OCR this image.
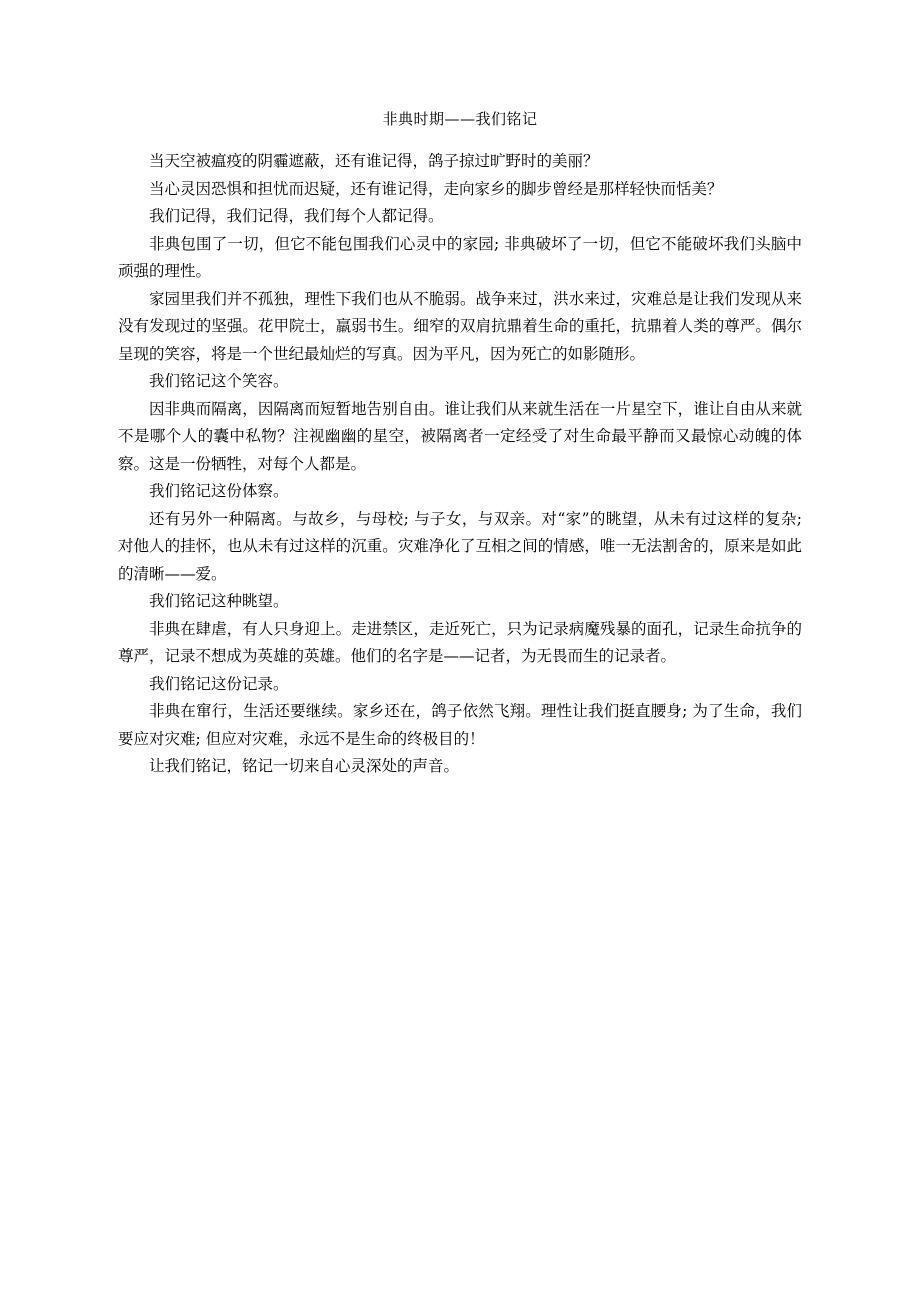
非典时期——我们铭记

当天空被瘟疫的阴霾遮蔽，还有谁记得，鸽子掠过旷野时的美丽？

当心灵因恐惧和担忧而迟疑，还有谁记得，走向家乡的脚步曾经是那样轻快而恬美？

我们记得，我们记得，我们每个人都记得。

非典包围了一切，但它不能包围我们心灵中的家园; 非典破坏了一切，但它不能破坏我们头脑中顽强的理性。

家园里我们并不孤独，理性下我们也从不脆弱。战争来过，洪水来过，灾难总是让我们发现从来没有发现过的坚强。花甲院士，羸弱书生。细窄的双肩抗鼎着生命的重托，抗鼎着人类的尊严。偶尔呈现的笑容，将是一个世纪最灿烂的写真。因为平凡，因为死亡的如影随形。

我们铭记这个笑容。

因非典而隔离，因隔离而短暂地告别自由。谁让我们从来就生活在一片星空下，谁让自由从来就不是哪个人的囊中私物？注视幽幽的星空，被隔离者一定经受了对生命最平静而又最惊心动魄的体察。这是一份牺牲，对每个人都是。

我们铭记这份体察。

还有另外一种隔离。与故乡，与母校; 与子女，与双亲。对“家”的眺望，从未有过这样的复杂; 对他人的挂怀，也从未有过这样的沉重。灾难净化了互相之间的情感，唯一无法割舍的，原来是如此的清晰——爱。

我们铭记这种眺望。

非典在肆虐，有人只身迎上。走进禁区，走近死亡，只为记录病魔残暴的面孔，记录生命抗争的尊严，记录不想成为英雄的英雄。他们的名字是——记者，为无畏而生的记录者。

我们铭记这份记录。

非典在窜行，生活还要继续。家乡还在，鸽子依然飞翔。理性让我们挺直腰身; 为了生命，我们要应对灾难; 但应对灾难，永远不是生命的终极目的！

让我们铭记，铭记一切来自心灵深处的声音。
